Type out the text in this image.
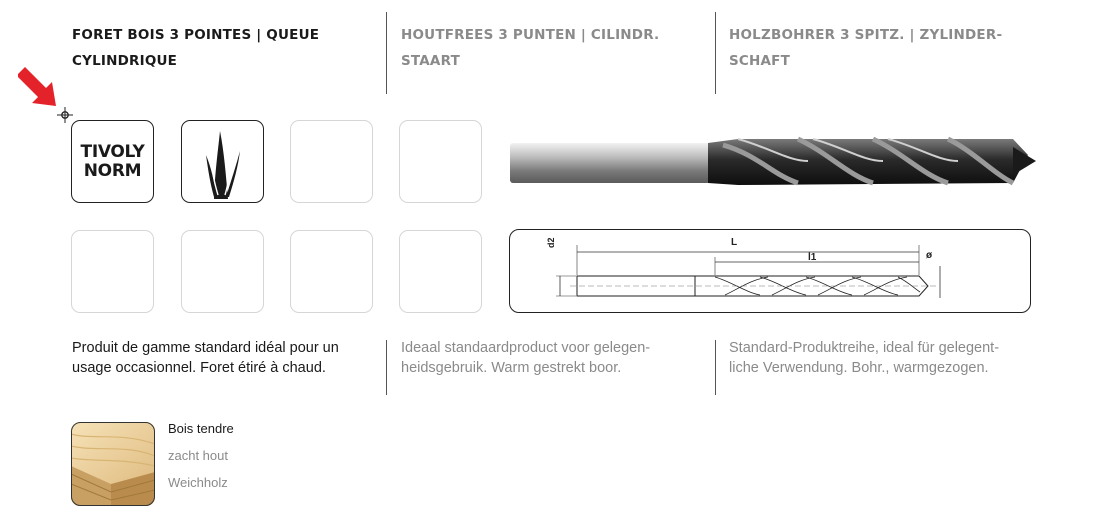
FORET BOIS 3 POINTES | QUEUE
CYLINDRIQUE
HOUTFREES 3 PUNTEN | CILINDR.
STAART
HOLZBOHRER 3 SPITZ. | ZYLINDER-
SCHAFT
TIVOLY
NORM
L
l1
d2
ø
Produit de gamme standard idéal pour un
usage occasionnel. Foret étiré à chaud.
Ideaal standaardproduct voor gelegen-
heidsgebruik. Warm gestrekt boor.
Standard-Produktreihe, ideal für gelegent-
liche Verwendung. Bohr., warmgezogen.
Bois tendre
zacht hout
Weichholz
